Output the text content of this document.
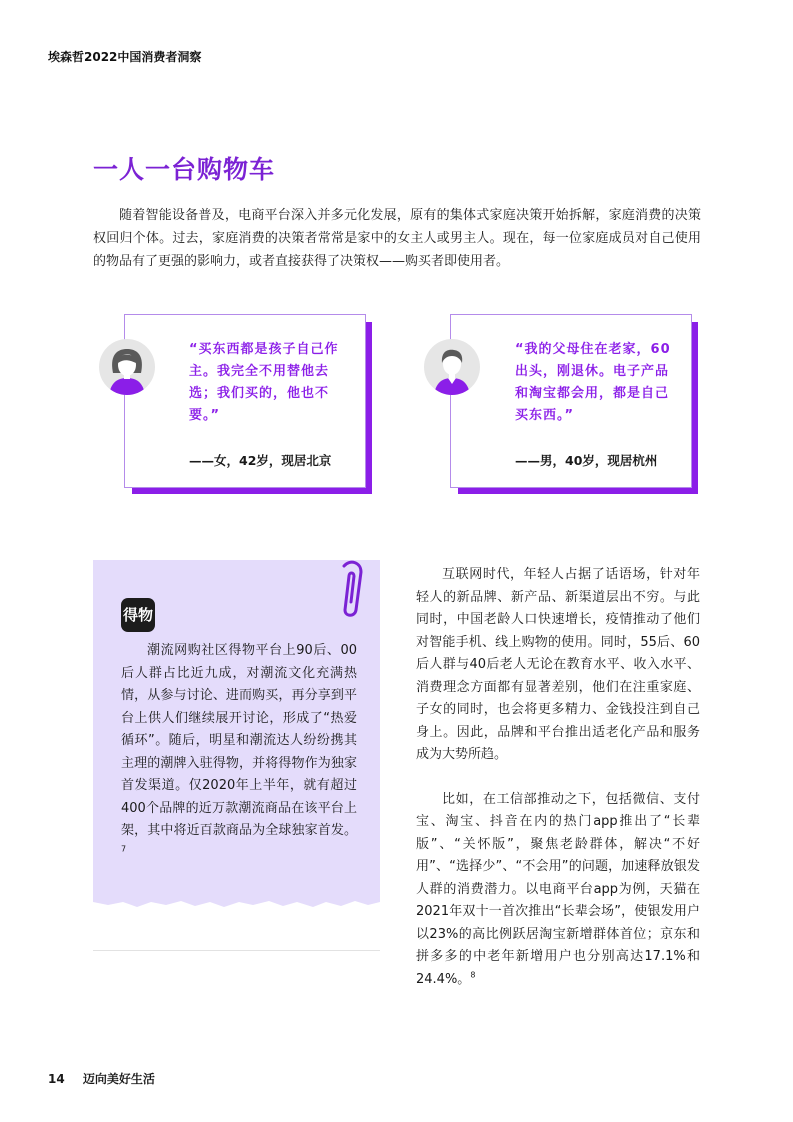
埃森哲2022中国消费者洞察
一人一台购物车

随着智能设备普及，电商平台深入并多元化发展，原有的集体式家庭决策开始拆解，家庭消费的决策权回归个体。过去，家庭消费的决策者常常是家中的女主人或男主人。现在，每一位家庭成员对自己使用的物品有了更强的影响力，或者直接获得了决策权——购买者即使用者。

“买东西都是孩子自己作主。我完全不用替他去选；我们买的，他也不要。”
——女，42岁，现居北京
“我的父母住在老家，60出头，刚退休。电子产品和淘宝都会用，都是自己买东西。”
——男，40岁，现居杭州
得物

潮流网购社区得物平台上90后、00后人群占比近九成，对潮流文化充满热情，从参与讨论、进而购买，再分享到平台上供人们继续展开讨论，形成了“热爱循环”。随后，明星和潮流达人纷纷携其主理的潮牌入驻得物，并将得物作为独家首发渠道。仅2020年上半年，就有超过400个品牌的近万款潮流商品在该平台上架，其中将近百款商品为全球独家首发。$^7$

互联网时代，年轻人占据了话语场，针对年轻人的新品牌、新产品、新渠道层出不穷。与此同时，中国老龄人口快速增长，疫情推动了他们对智能手机、线上购物的使用。同时，55后、60后人群与40后老人无论在教育水平、收入水平、消费理念方面都有显著差别，他们在注重家庭、子女的同时，也会将更多精力、金钱投注到自己身上。因此，品牌和平台推出适老化产品和服务成为大势所趋。

比如，在工信部推动之下，包括微信、支付宝、淘宝、抖音在内的热门app推出了“长辈版”、“关怀版”，聚焦老龄群体，解决“不好用”、“选择少”、“不会用”的问题，加速释放银发人群的消费潜力。以电商平台app为例，天猫在2021年双十一首次推出“长辈会场”，使银发用户以23%的高比例跃居淘宝新增群体首位；京东和拼多多的中老年新增用户也分别高达17.1%和24.4%。$^8$

14 迈向美好生活
